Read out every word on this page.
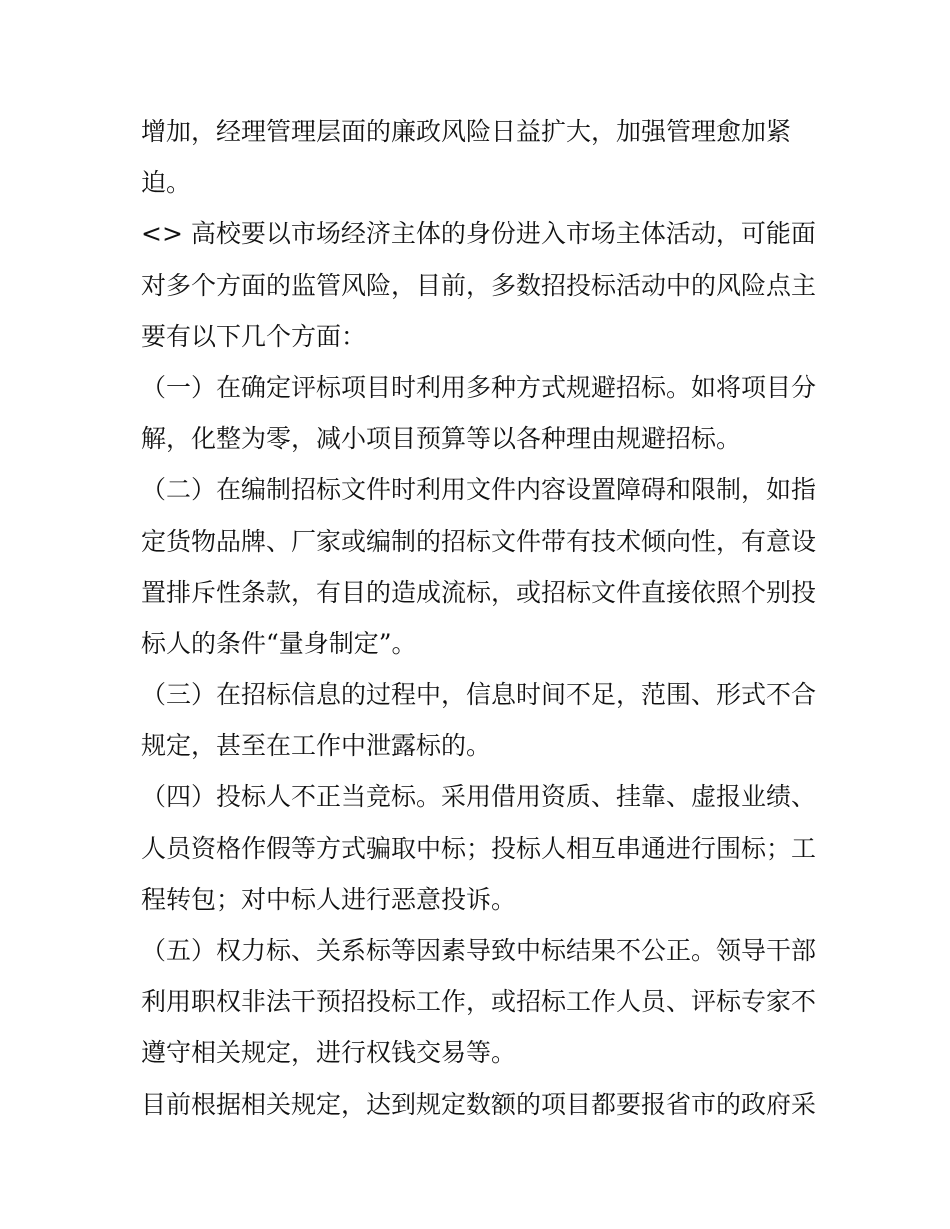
增加，经理管理层面的廉政风险日益扩大，加强管理愈加紧
迫。
<> 高校要以市场经济主体的身份进入市场主体活动，可能面
对多个方面的监管风险，目前，多数招投标活动中的风险点主
要有以下几个方面：
（一）在确定评标项目时利用多种方式规避招标。如将项目分
解，化整为零，减小项目预算等以各种理由规避招标。
（二）在编制招标文件时利用文件内容设置障碍和限制，如指
定货物品牌、厂家或编制的招标文件带有技术倾向性，有意设
置排斥性条款，有目的造成流标，或招标文件直接依照个别投
标人的条件“量身制定”。
（三）在招标信息的过程中，信息时间不足，范围、形式不合
规定，甚至在工作中泄露标的。
（四）投标人不正当竞标。采用借用资质、挂靠、虚报业绩、
人员资格作假等方式骗取中标；投标人相互串通进行围标；工
程转包；对中标人进行恶意投诉。
（五）权力标、关系标等因素导致中标结果不公正。领导干部
利用职权非法干预招投标工作，或招标工作人员、评标专家不
遵守相关规定，进行权钱交易等。
目前根据相关规定，达到规定数额的项目都要报省市的政府采
